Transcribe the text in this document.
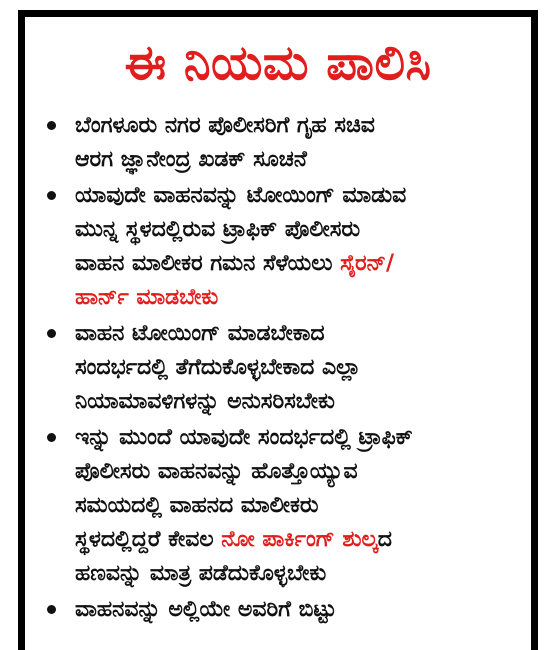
ಈ ನಿಯಮ ಪಾಲಿಸಿ
ಬೆಂಗಳೂರು ನಗರ ಪೊಲೀಸರಿಗೆ ಗೃಹ ಸಚಿವ
ಆರಗ ಜ್ಞಾನೇಂದ್ರ ಖಡಕ್ ಸೂಚನೆ
ಯಾವುದೇ ವಾಹನವನ್ನು ಟೋಯಿಂಗ್ ಮಾಡುವ
ಮುನ್ನ ಸ್ಥಳದಲ್ಲಿರುವ ಟ್ರಾಫಿಕ್ ಪೊಲೀಸರು
ವಾಹನ ಮಾಲೀಕರ ಗಮನ ಸೆಳೆಯಲು ಸೈರನ್/
ಹಾರ್ನ್ ಮಾಡಬೇಕು
ವಾಹನ ಟೋಯಿಂಗ್ ಮಾಡಬೇಕಾದ
ಸಂದರ್ಭದಲ್ಲಿ ತೆಗೆದುಕೊಳ್ಳಬೇಕಾದ ಎಲ್ಲಾ
ನಿಯಾಮಾವಳಿಗಳನ್ನು ಅನುಸರಿಸಬೇಕು
ಇನ್ನು ಮುಂದೆ ಯಾವುದೇ ಸಂದರ್ಭದಲ್ಲಿ ಟ್ರಾಫಿಕ್
ಪೊಲೀಸರು ವಾಹನವನ್ನು ಹೊತ್ತೊಯ್ಯುವ
ಸಮಯದಲ್ಲಿ ವಾಹನದ ಮಾಲೀಕರು
ಸ್ಥಳದಲ್ಲಿದ್ದರೆ ಕೇವಲ ನೋ ಪಾರ್ಕಿಂಗ್ ಶುಲ್ಕದ
ಹಣವನ್ನು ಮಾತ್ರ ಪಡೆದುಕೊಳ್ಳಬೇಕು
ವಾಹನವನ್ನು ಅಲ್ಲಿಯೇ ಅವರಿಗೆ ಬಿಟ್ಟು
